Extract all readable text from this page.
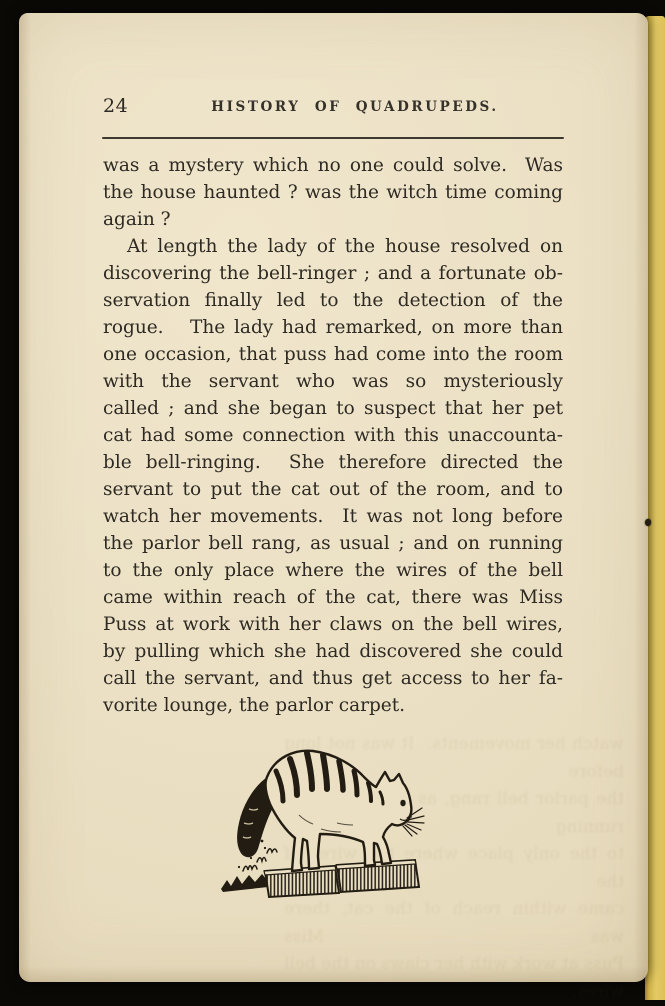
24	HISTORY OF QUADRUPEDS.
was a mystery which no one could solve.  Was
the house haunted ? was the witch time coming
again ?
At length the lady of the house resolved on
discovering the bell-ringer ; and a fortunate ob-
servation finally led to the detection of the
rogue.   The lady had remarked, on more than
one occasion, that puss had come into the room
with the servant who was so mysteriously
called ; and she began to suspect that her pet
cat had some connection with this unaccounta-
ble bell-ringing.  She therefore directed the
servant to put the cat out of the room, and to
watch her movements.  It was not long before
the parlor bell rang, as usual ; and on running
to the only place where the wires of the bell
came within reach of the cat, there was Miss
Puss at work with her claws on the bell wires,
by pulling which she had discovered she could
call the servant, and thus get access to her fa-
vorite lounge, the parlor carpet.
watch her movements.  It was not long before
the parlor bell rang, as usual ; and on running
to the only place where the wires of the bell
came within reach of the cat, there was Miss
Puss at work with her claws on the bell wires,
